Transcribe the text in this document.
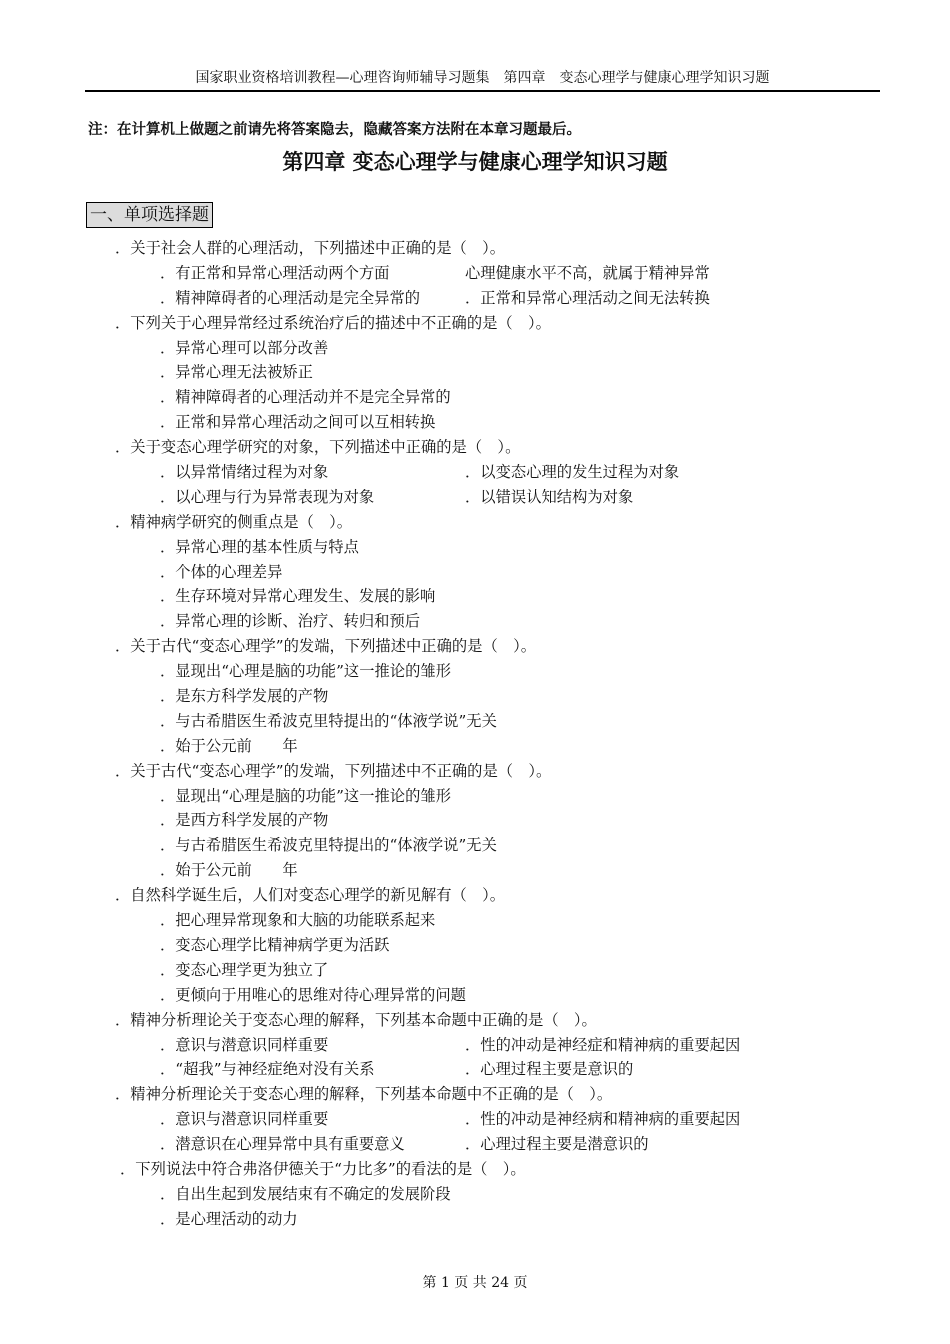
国家职业资格培训教程—心理咨询师辅导习题集　第四章　变态心理学与健康心理学知识习题
注：在计算机上做题之前请先将答案隐去，隐藏答案方法附在本章习题最后。
第四章 变态心理学与健康心理学知识习题
一、单项选择题
．关于社会人群的心理活动，下列描述中正确的是（　）。
．有正常和异常心理活动两个方面	心理健康水平不高，就属于精神异常
．精神障碍者的心理活动是完全异常的	．正常和异常心理活动之间无法转换
．下列关于心理异常经过系统治疗后的描述中不正确的是（　）。
．异常心理可以部分改善
．异常心理无法被矫正
．精神障碍者的心理活动并不是完全异常的
．正常和异常心理活动之间可以互相转换
．关于变态心理学研究的对象，下列描述中正确的是（　）。
．以异常情绪过程为对象	．以变态心理的发生过程为对象
．以心理与行为异常表现为对象	．以错误认知结构为对象
．精神病学研究的侧重点是（　）。
．异常心理的基本性质与特点
．个体的心理差异
．生存环境对异常心理发生、发展的影响
．异常心理的诊断、治疗、转归和预后
．关于古代“变态心理学”的发端，下列描述中正确的是（　）。
．显现出“心理是脑的功能”这一推论的雏形
．是东方科学发展的产物
．与古希腊医生希波克里特提出的“体液学说”无关
．始于公元前　　年
．关于古代“变态心理学”的发端，下列描述中不正确的是（　）。
．显现出“心理是脑的功能”这一推论的雏形
．是西方科学发展的产物
．与古希腊医生希波克里特提出的“体液学说”无关
．始于公元前　　年
．自然科学诞生后，人们对变态心理学的新见解有（　）。
．把心理异常现象和大脑的功能联系起来
．变态心理学比精神病学更为活跃
．变态心理学更为独立了
．更倾向于用唯心的思维对待心理异常的问题
．精神分析理论关于变态心理的解释，下列基本命题中正确的是（　）。
．意识与潜意识同样重要	．性的冲动是神经症和精神病的重要起因
．“超我”与神经症绝对没有关系	．心理过程主要是意识的
．精神分析理论关于变态心理的解释，下列基本命题中不正确的是（　）。
．意识与潜意识同样重要	．性的冲动是神经病和精神病的重要起因
．潜意识在心理异常中具有重要意义	．心理过程主要是潜意识的
．下列说法中符合弗洛伊德关于“力比多”的看法的是（　）。
．自出生起到发展结束有不确定的发展阶段
．是心理活动的动力
第 1 页 共 24 页
